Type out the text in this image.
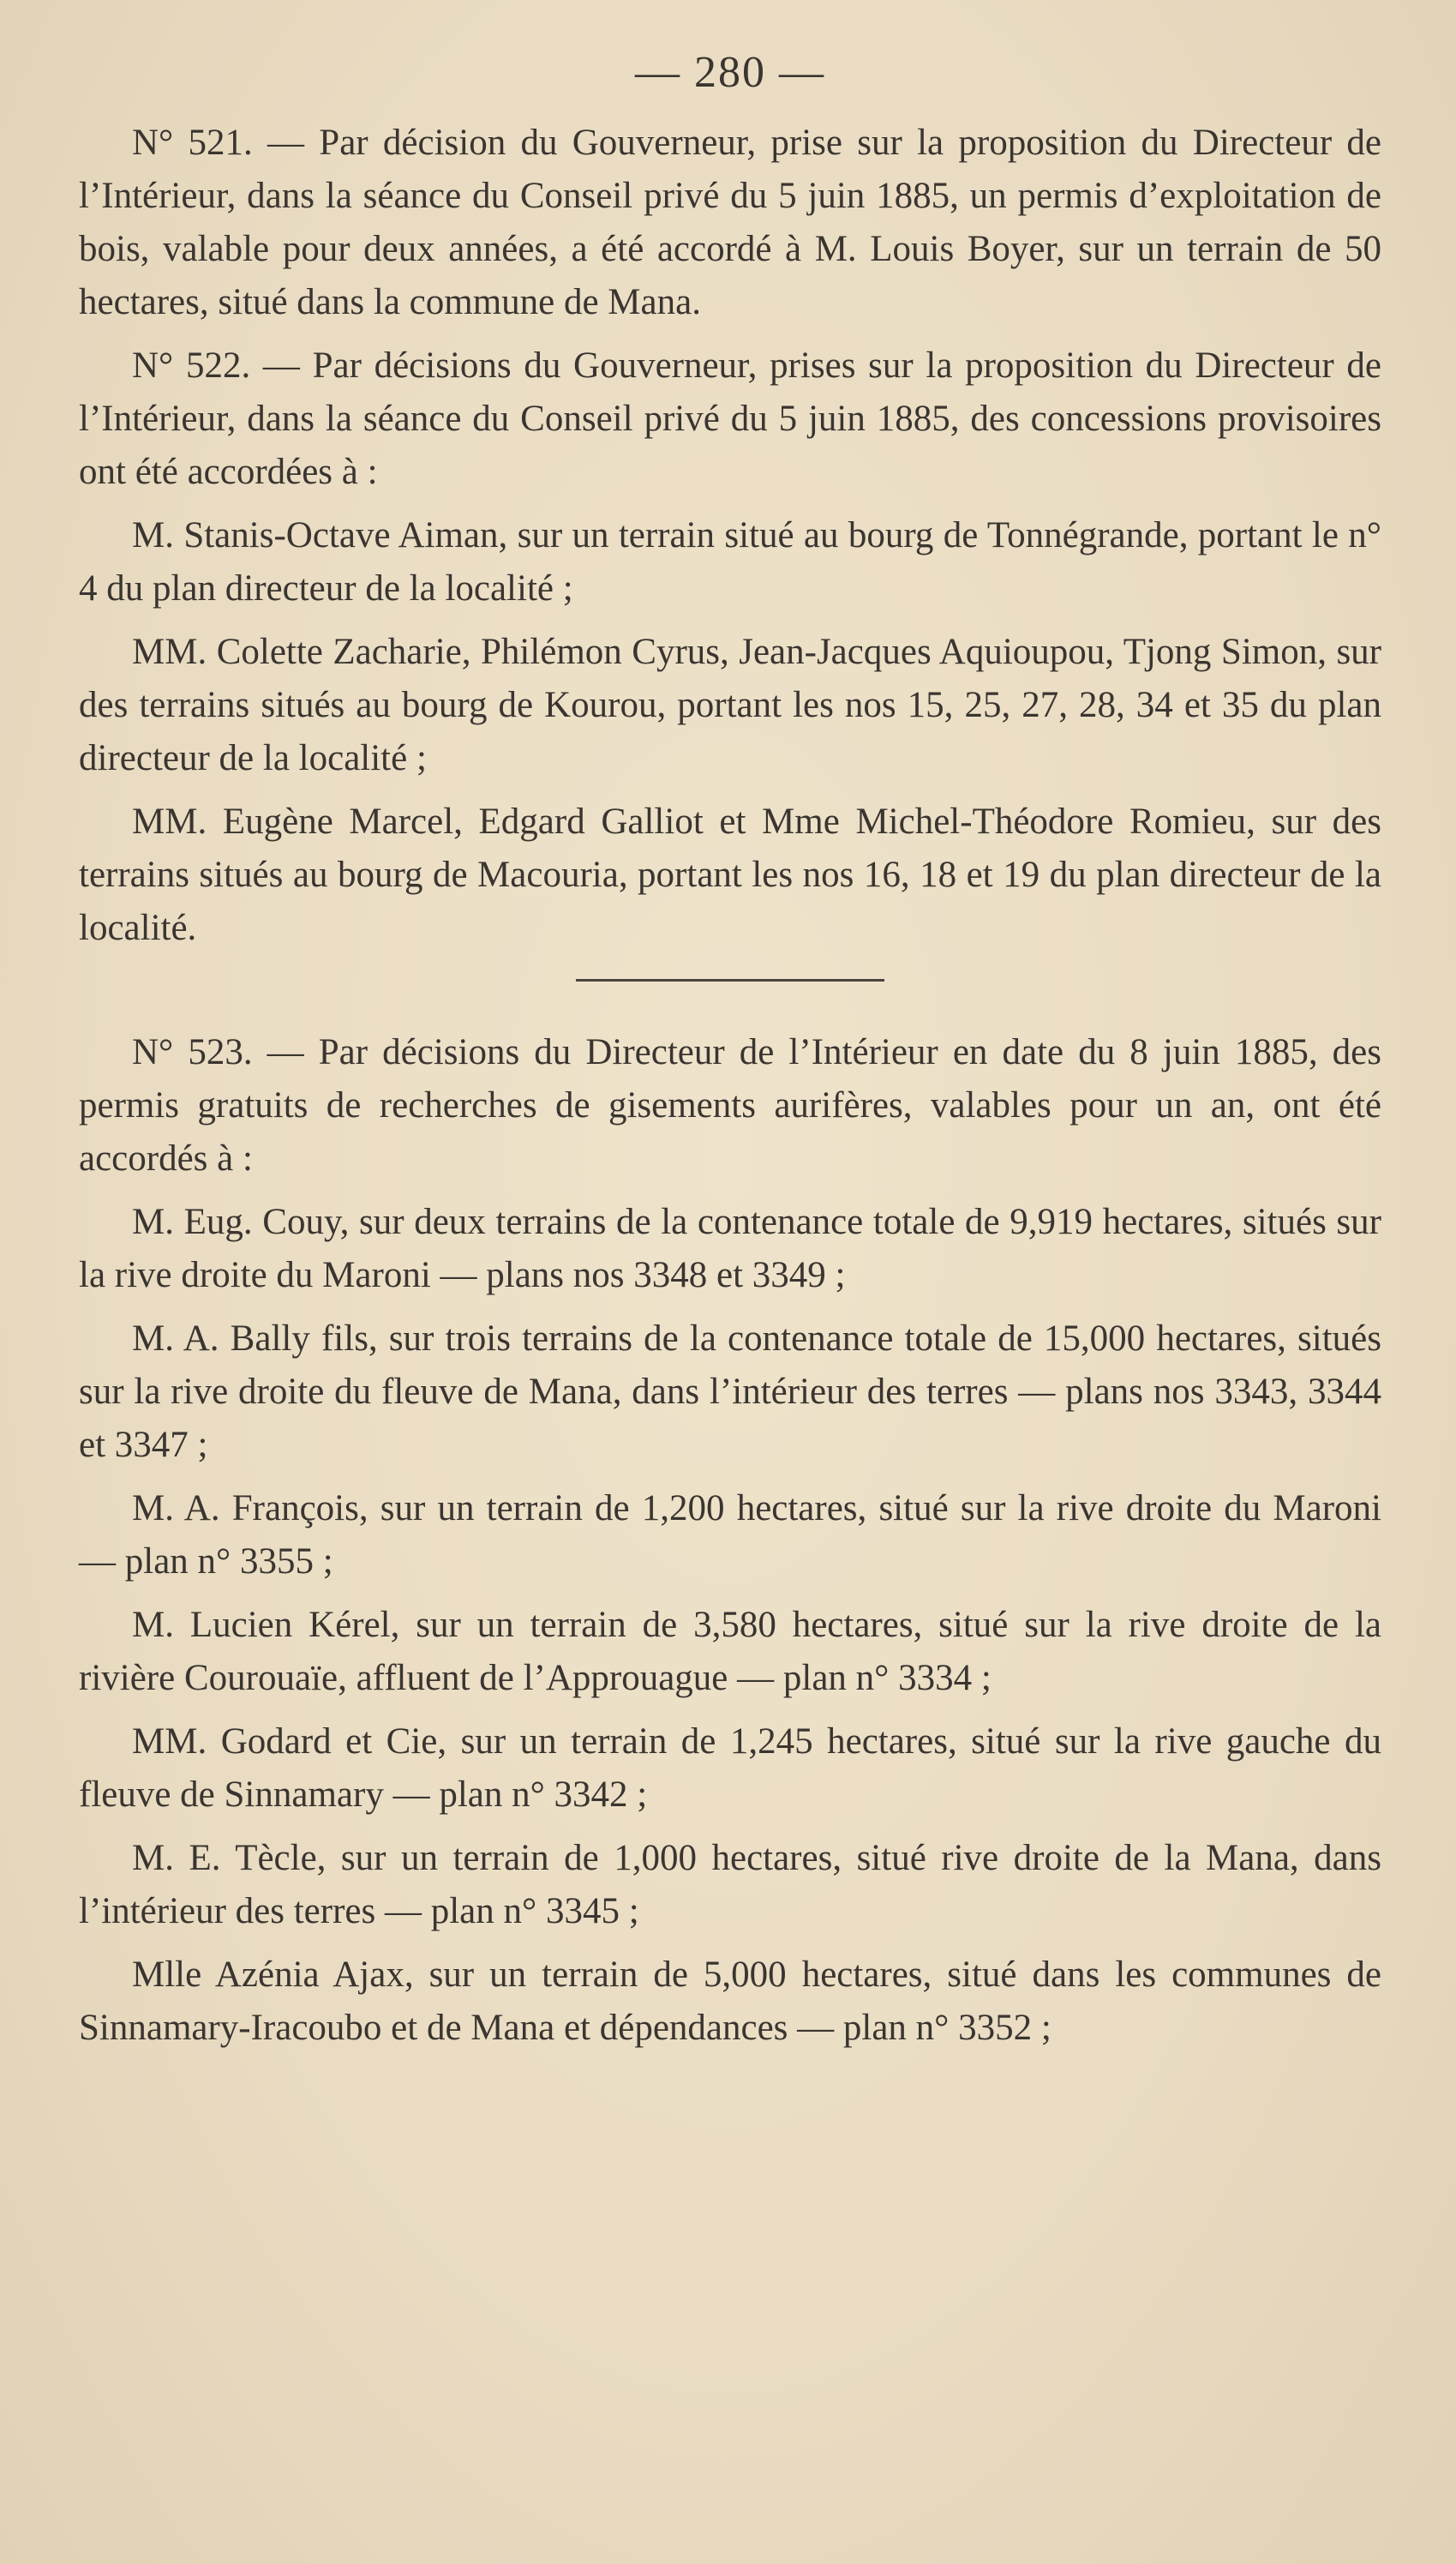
— 280 —

N° 521. — Par décision du Gouverneur, prise sur la proposition du Directeur de l’Intérieur, dans la séance du Conseil privé du 5 juin 1885, un permis d’exploitation de bois, valable pour deux années, a été accordé à M. Louis Boyer, sur un terrain de 50 hectares, situé dans la commune de Mana.

N° 522. — Par décisions du Gouverneur, prises sur la proposition du Directeur de l’Intérieur, dans la séance du Conseil privé du 5 juin 1885, des concessions provisoires ont été accordées à :

M. Stanis-Octave Aiman, sur un terrain situé au bourg de Tonnégrande, portant le n° 4 du plan directeur de la localité ;

MM. Colette Zacharie, Philémon Cyrus, Jean-Jacques Aquioupou, Tjong Simon, sur des terrains situés au bourg de Kourou, portant les nos 15, 25, 27, 28, 34 et 35 du plan directeur de la localité ;

MM. Eugène Marcel, Edgard Galliot et Mme Michel-Théodore Romieu, sur des terrains situés au bourg de Macouria, portant les nos 16, 18 et 19 du plan directeur de la localité.

N° 523. — Par décisions du Directeur de l’Intérieur en date du 8 juin 1885, des permis gratuits de recherches de gisements aurifères, valables pour un an, ont été accordés à :

M. Eug. Couy, sur deux terrains de la contenance totale de 9,919 hectares, situés sur la rive droite du Maroni — plans nos 3348 et 3349 ;

M. A. Bally fils, sur trois terrains de la contenance totale de 15,000 hectares, situés sur la rive droite du fleuve de Mana, dans l’intérieur des terres — plans nos 3343, 3344 et 3347 ;

M. A. François, sur un terrain de 1,200 hectares, situé sur la rive droite du Maroni — plan n° 3355 ;

M. Lucien Kérel, sur un terrain de 3,580 hectares, situé sur la rive droite de la rivière Courouaïe, affluent de l’Approuague — plan n° 3334 ;

MM. Godard et Cie, sur un terrain de 1,245 hectares, situé sur la rive gauche du fleuve de Sinnamary — plan n° 3342 ;

M. E. Tècle, sur un terrain de 1,000 hectares, situé rive droite de la Mana, dans l’intérieur des terres — plan n° 3345 ;

Mlle Azénia Ajax, sur un terrain de 5,000 hectares, situé dans les communes de Sinnamary-Iracoubo et de Mana et dépendances — plan n° 3352 ;
